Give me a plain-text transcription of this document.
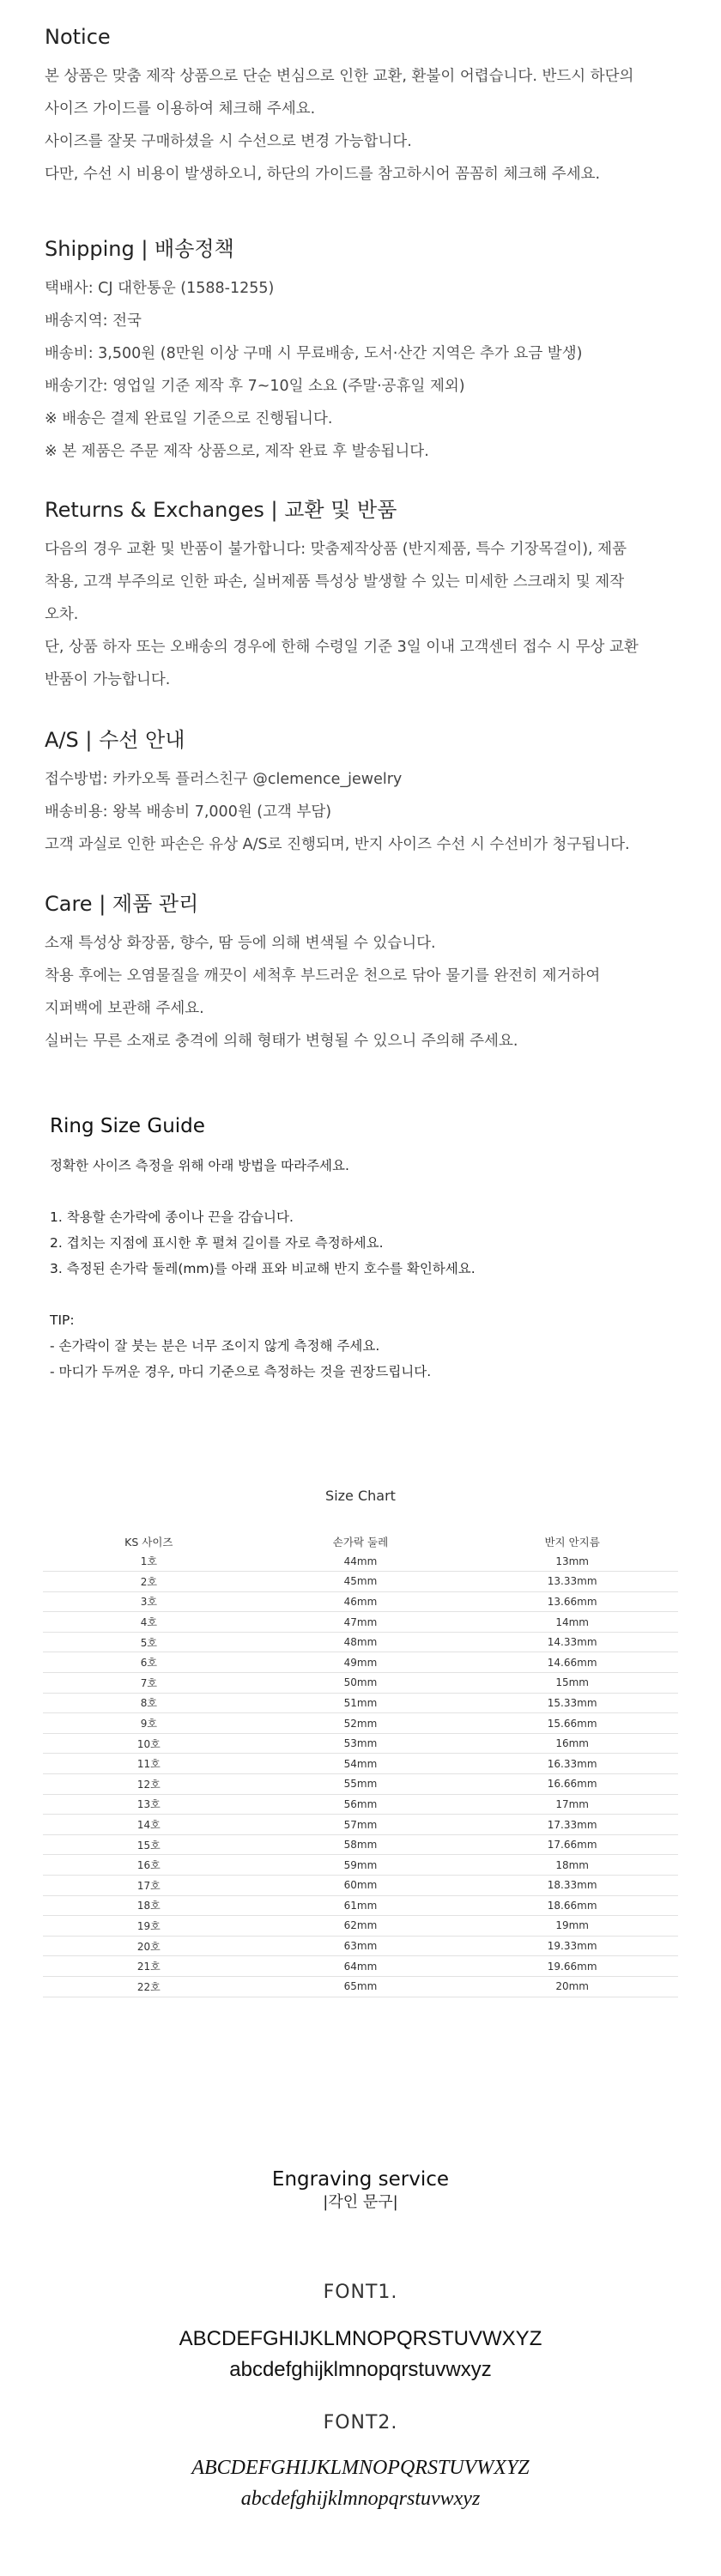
Notice

본 상품은 맞춤 제작 상품으로 단순 변심으로 인한 교환, 환불이 어렵습니다. 반드시 하단의

사이즈 가이드를 이용하여 체크해 주세요.

사이즈를 잘못 구매하셨을 시 수선으로 변경 가능합니다.

다만, 수선 시 비용이 발생하오니, 하단의 가이드를 참고하시어 꼼꼼히 체크해 주세요.

Shipping | 배송정책

택배사: CJ 대한통운 (1588-1255)

배송지역: 전국

배송비: 3,500원 (8만원 이상 구매 시 무료배송, 도서·산간 지역은 추가 요금 발생)

배송기간: 영업일 기준 제작 후 7~10일 소요 (주말·공휴일 제외)

※ 배송은 결제 완료일 기준으로 진행됩니다.

※ 본 제품은 주문 제작 상품으로, 제작 완료 후 발송됩니다.

Returns & Exchanges | 교환 및 반품

다음의 경우 교환 및 반품이 불가합니다: 맞춤제작상품 (반지제품, 특수 기장목걸이), 제품

착용, 고객 부주의로 인한 파손, 실버제품 특성상 발생할 수 있는 미세한 스크래치 및 제작

오차.

단, 상품 하자 또는 오배송의 경우에 한해 수령일 기준 3일 이내 고객센터 접수 시 무상 교환

반품이 가능합니다.

A/S | 수선 안내

접수방법: 카카오톡 플러스친구 @clemence_jewelry

배송비용: 왕복 배송비 7,000원 (고객 부담)

고객 과실로 인한 파손은 유상 A/S로 진행되며, 반지 사이즈 수선 시 수선비가 청구됩니다.

Care | 제품 관리

소재 특성상 화장품, 향수, 땀 등에 의해 변색될 수 있습니다.

착용 후에는 오염물질을 깨끗이 세척후 부드러운 천으로 닦아 물기를 완전히 제거하여

지퍼백에 보관해 주세요.

실버는 무른 소재로 충격에 의해 형태가 변형될 수 있으니 주의해 주세요.

Ring Size Guide

정확한 사이즈 측정을 위해 아래 방법을 따라주세요.

1. 착용할 손가락에 종이나 끈을 감습니다.

2. 겹치는 지점에 표시한 후 펼쳐 길이를 자로 측정하세요.

3. 측정된 손가락 둘레(mm)를 아래 표와 비교해 반지 호수를 확인하세요.

TIP:

- 손가락이 잘 붓는 분은 너무 조이지 않게 측정해 주세요.

- 마디가 두꺼운 경우, 마디 기준으로 측정하는 것을 권장드립니다.

Size Chart
KS 사이즈	손가락 둘레	반지 안지름
1호	44mm	13mm
2호	45mm	13.33mm
3호	46mm	13.66mm
4호	47mm	14mm
5호	48mm	14.33mm
6호	49mm	14.66mm
7호	50mm	15mm
8호	51mm	15.33mm
9호	52mm	15.66mm
10호	53mm	16mm
11호	54mm	16.33mm
12호	55mm	16.66mm
13호	56mm	17mm
14호	57mm	17.33mm
15호	58mm	17.66mm
16호	59mm	18mm
17호	60mm	18.33mm
18호	61mm	18.66mm
19호	62mm	19mm
20호	63mm	19.33mm
21호	64mm	19.66mm
22호	65mm	20mm
Engraving service
|각인 문구|
FONT1.
ABCDEFGHIJKLMNOPQRSTUVWXYZ
abcdefghijklmnopqrstuvwxyz
FONT2.
ABCDEFGHIJKLMNOPQRSTUVWXYZ
abcdefghijklmnopqrstuvwxyz
